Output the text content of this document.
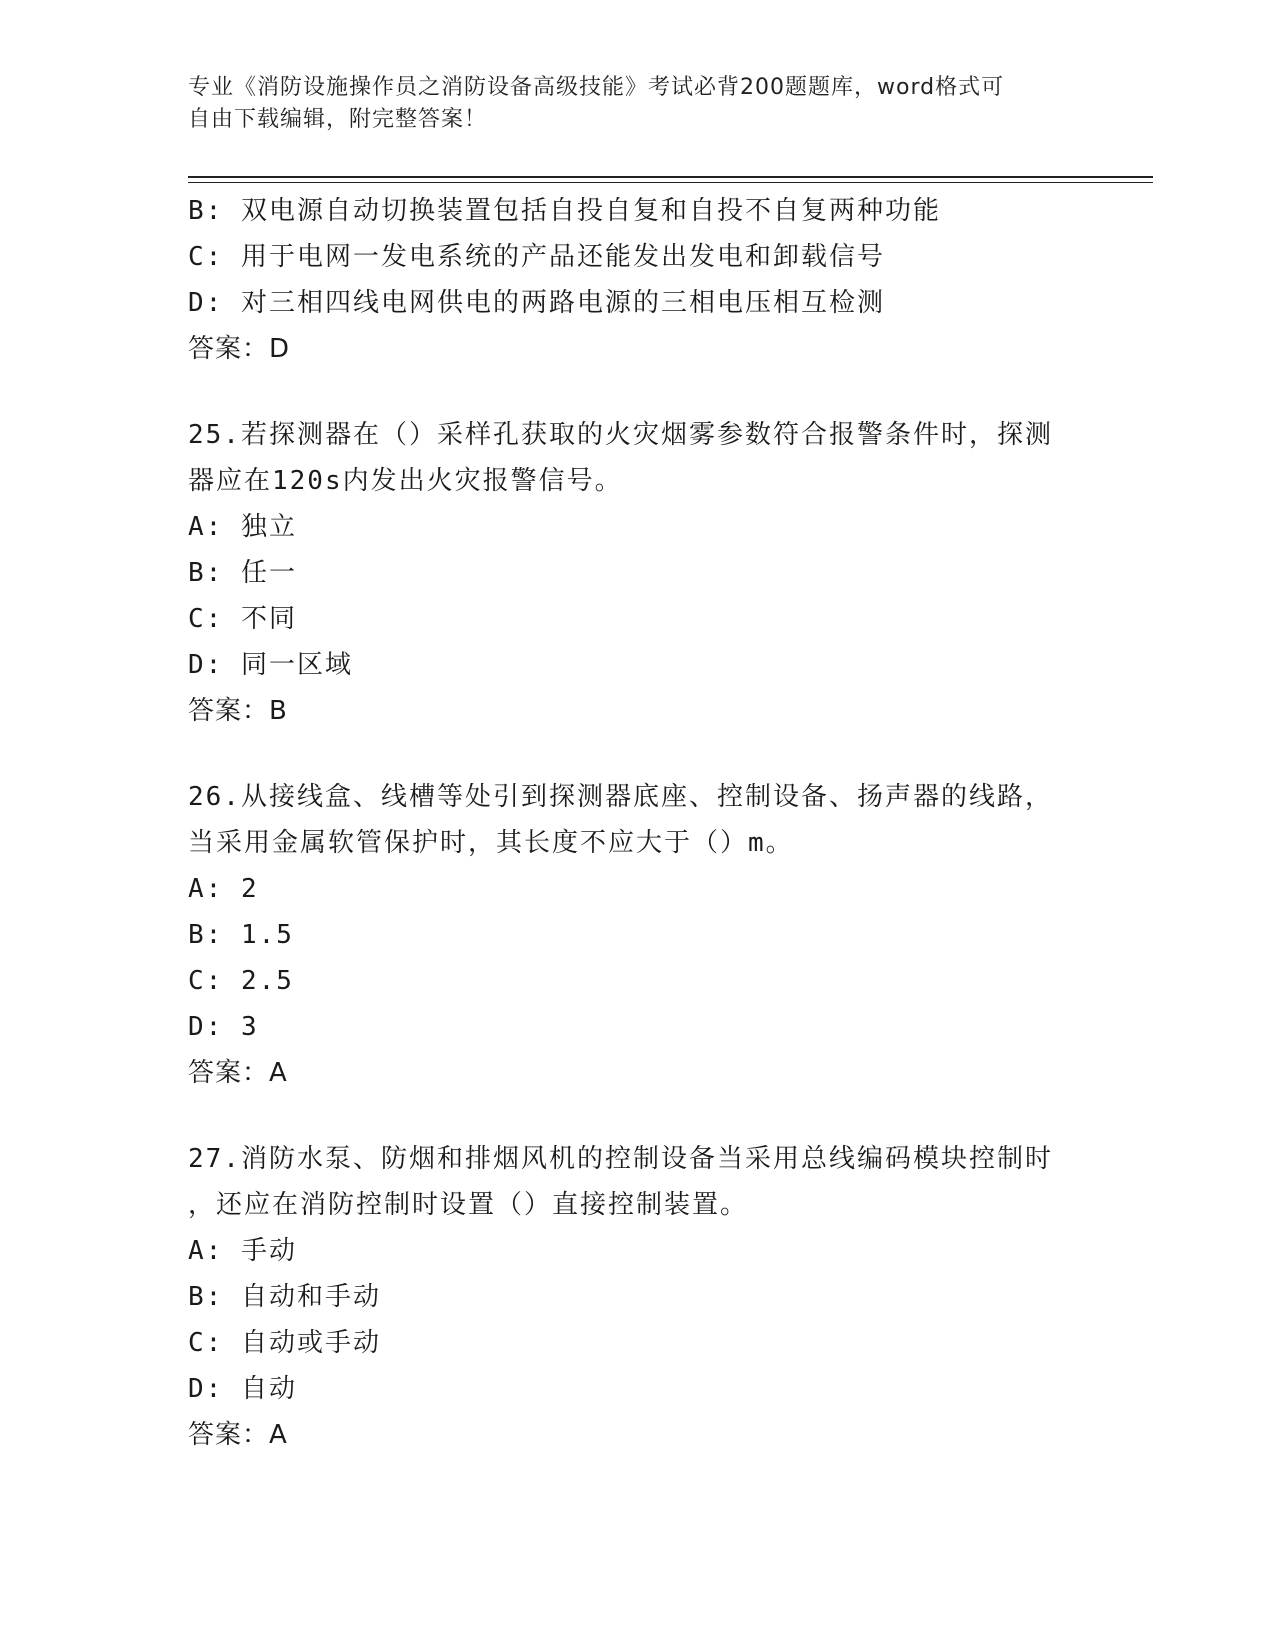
专业《消防设施操作员之消防设备高级技能》考试必背200题题库，word格式可
自由下载编辑，附完整答案！
B: 双电源自动切换装置包括自投自复和自投不自复两种功能
C: 用于电网一发电系统的产品还能发出发电和卸载信号
D: 对三相四线电网供电的两路电源的三相电压相互检测
答案：D
25.若探测器在（）采样孔获取的火灾烟雾参数符合报警条件时，探测
器应在120s内发出火灾报警信号。
A: 独立
B: 任一
C: 不同
D: 同一区域
答案：B
26.从接线盒、线槽等处引到探测器底座、控制设备、扬声器的线路，
当采用金属软管保护时，其长度不应大于（）m。
A: 2
B: 1.5
C: 2.5
D: 3
答案：A
27.消防水泵、防烟和排烟风机的控制设备当采用总线编码模块控制时
，还应在消防控制时设置（）直接控制装置。
A: 手动
B: 自动和手动
C: 自动或手动
D: 自动
答案：A
